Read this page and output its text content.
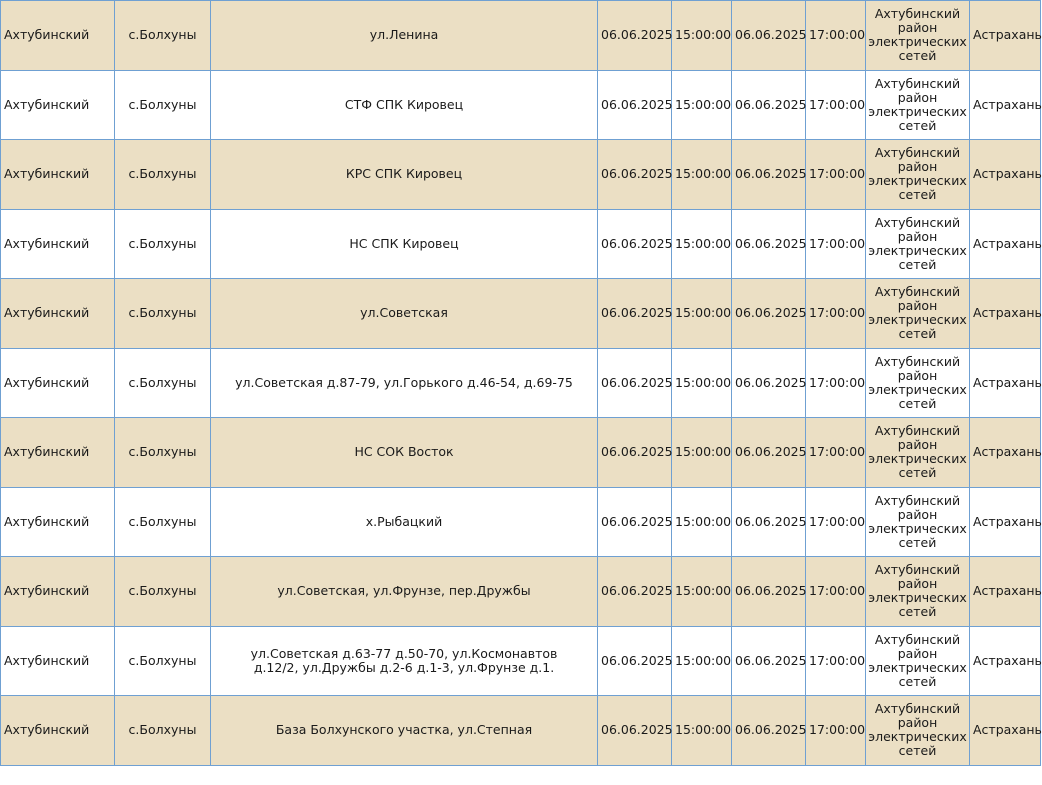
Ахтубинский	с.Болхуны	ул.Ленина	06.06.2025	15:00:00	06.06.2025	17:00:00	Ахтубинский район электрических сетей	Астрахань
Ахтубинский	с.Болхуны	СТФ СПК Кировец	06.06.2025	15:00:00	06.06.2025	17:00:00	Ахтубинский район электрических сетей	Астрахань
Ахтубинский	с.Болхуны	КРС СПК Кировец	06.06.2025	15:00:00	06.06.2025	17:00:00	Ахтубинский район электрических сетей	Астрахань
Ахтубинский	с.Болхуны	НС СПК Кировец	06.06.2025	15:00:00	06.06.2025	17:00:00	Ахтубинский район электрических сетей	Астрахань
Ахтубинский	с.Болхуны	ул.Советская	06.06.2025	15:00:00	06.06.2025	17:00:00	Ахтубинский район электрических сетей	Астрахань
Ахтубинский	с.Болхуны	ул.Советская д.87-79, ул.Горького д.46-54, д.69-75	06.06.2025	15:00:00	06.06.2025	17:00:00	Ахтубинский район электрических сетей	Астрахань
Ахтубинский	с.Болхуны	НС СОК Восток	06.06.2025	15:00:00	06.06.2025	17:00:00	Ахтубинский район электрических сетей	Астрахань
Ахтубинский	с.Болхуны	х.Рыбацкий	06.06.2025	15:00:00	06.06.2025	17:00:00	Ахтубинский район электрических сетей	Астрахань
Ахтубинский	с.Болхуны	ул.Советская, ул.Фрунзе, пер.Дружбы	06.06.2025	15:00:00	06.06.2025	17:00:00	Ахтубинский район электрических сетей	Астрахань
Ахтубинский	с.Болхуны	ул.Советская д.63-77 д.50-70, ул.Космонавтов д.12/2, ул.Дружбы д.2-6 д.1-3, ул.Фрунзе д.1.	06.06.2025	15:00:00	06.06.2025	17:00:00	Ахтубинский район электрических сетей	Астрахань
Ахтубинский	с.Болхуны	База Болхунского участка, ул.Степная	06.06.2025	15:00:00	06.06.2025	17:00:00	Ахтубинский район электрических сетей	Астрахань
